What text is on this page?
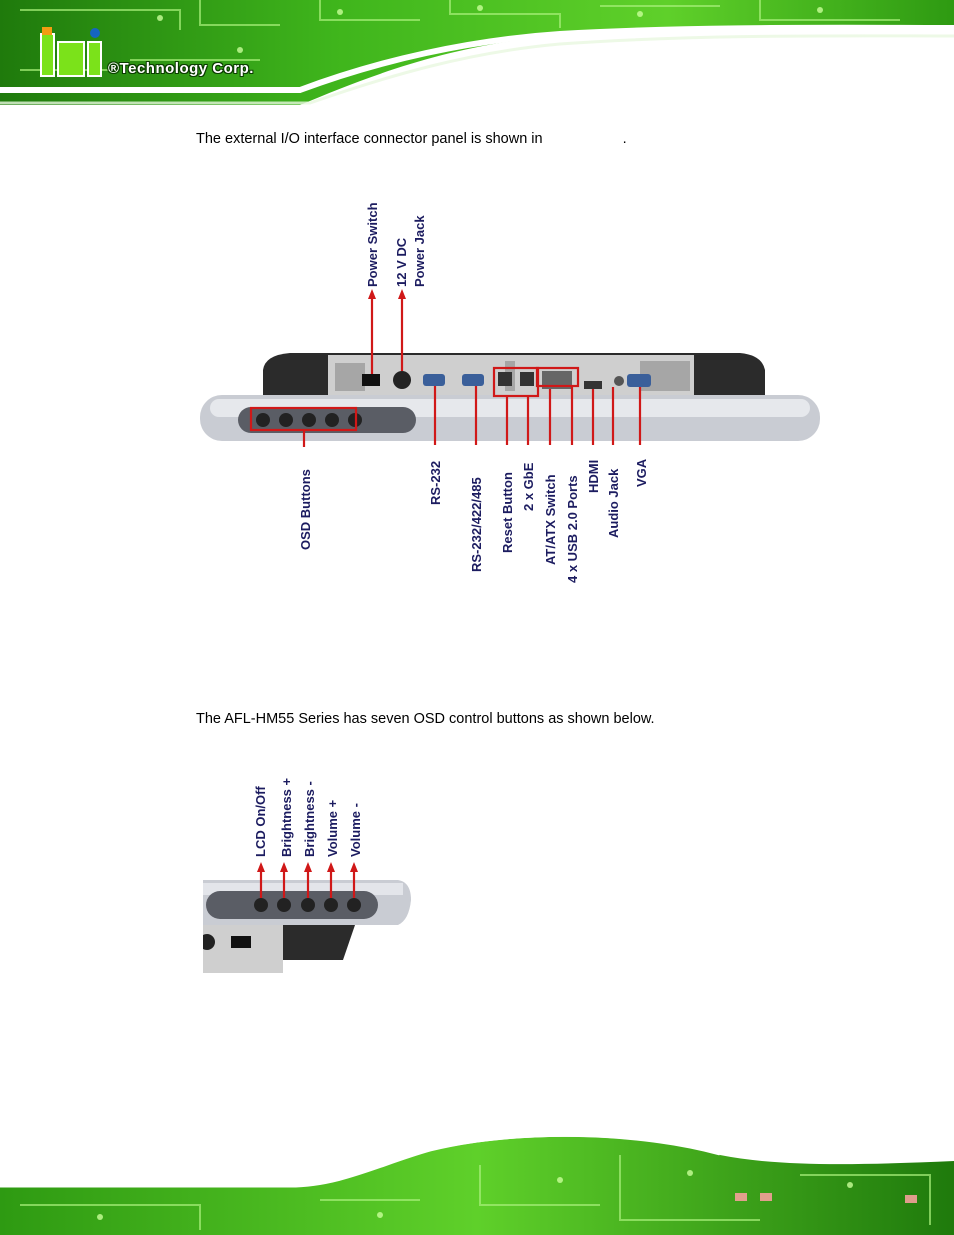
®Technology Corp.
The external I/O interface connector panel is shown in	.
Power Switch 12 V DC Power Jack
OSD Buttons	RS-232 RS-232/422/485 Reset Button 2 x GbE AT/ATX Switch 4 x USB 2.0 Ports HDMI Audio Jack VGA
The AFL-HM55 Series has seven OSD control buttons as shown below.
LCD On/Off Brightness + Brightness - Volume + Volume -
